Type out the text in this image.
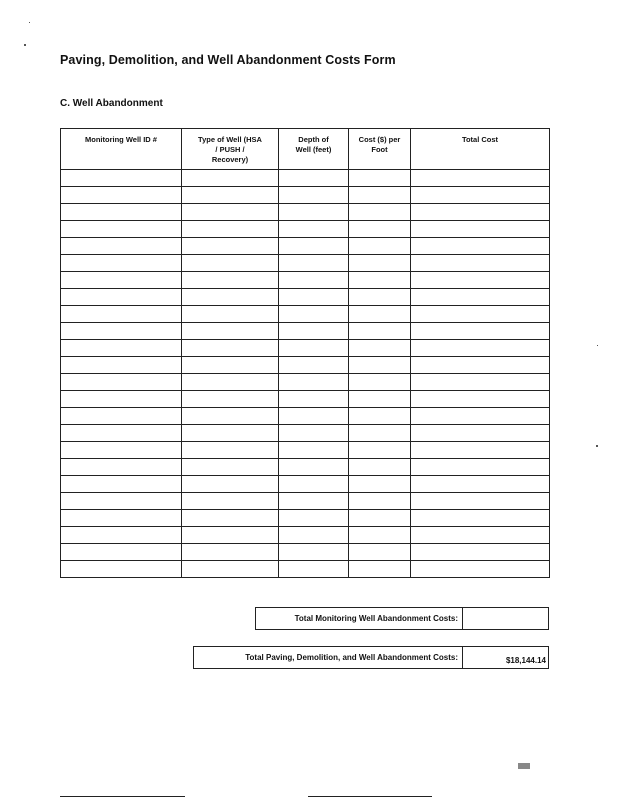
Paving, Demolition, and Well Abandonment Costs Form
C. Well Abandonment
Monitoring Well ID #	Type of Well (HSA / PUSH / Recovery)	Depth of Well (feet)	Cost ($) per Foot	Total Cost

Total Monitoring Well Abandonment Costs:
Total Paving, Demolition, and Well Abandonment Costs:	$18,144.14
